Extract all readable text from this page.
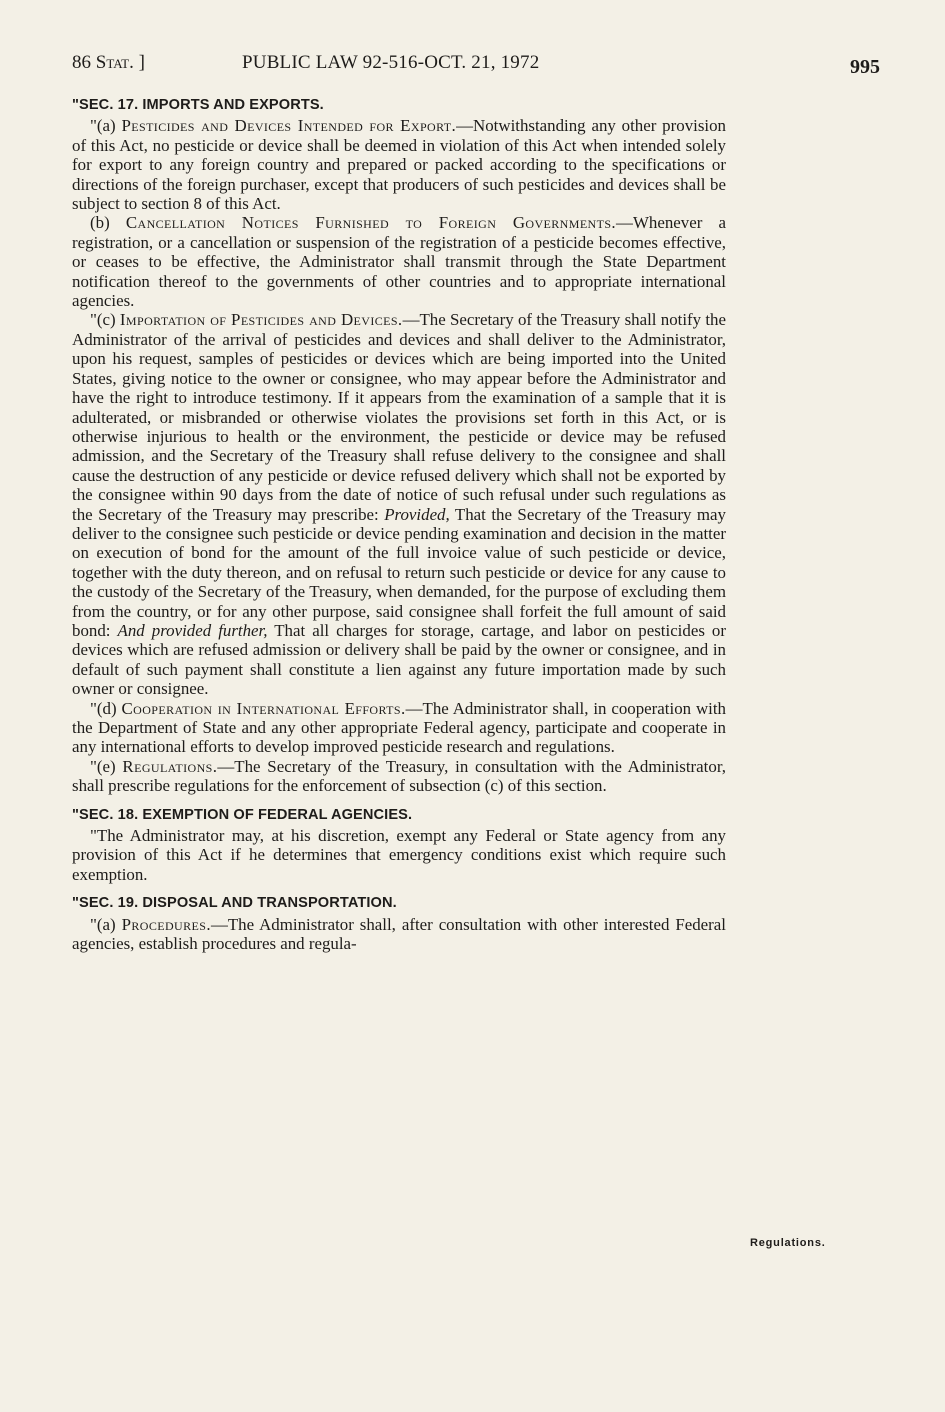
86 Stat. ]	PUBLIC LAW 92-516-OCT. 21, 1972	995
"SEC. 17. IMPORTS AND EXPORTS.

"(a) Pesticides and Devices Intended for Export.—Notwithstanding any other provision of this Act, no pesticide or device shall be deemed in violation of this Act when intended solely for export to any foreign country and prepared or packed according to the specifications or directions of the foreign purchaser, except that producers of such pesticides and devices shall be subject to section 8 of this Act.

(b) Cancellation Notices Furnished to Foreign Governments.—Whenever a registration, or a cancellation or suspension of the registration of a pesticide becomes effective, or ceases to be effective, the Administrator shall transmit through the State Department notification thereof to the governments of other countries and to appropriate international agencies.

"(c) Importation of Pesticides and Devices.—The Secretary of the Treasury shall notify the Administrator of the arrival of pesticides and devices and shall deliver to the Administrator, upon his request, samples of pesticides or devices which are being imported into the United States, giving notice to the owner or consignee, who may appear before the Administrator and have the right to introduce testimony. If it appears from the examination of a sample that it is adulterated, or misbranded or otherwise violates the provisions set forth in this Act, or is otherwise injurious to health or the environment, the pesticide or device may be refused admission, and the Secretary of the Treasury shall refuse delivery to the consignee and shall cause the destruction of any pesticide or device refused delivery which shall not be exported by the consignee within 90 days from the date of notice of such refusal under such regulations as the Secretary of the Treasury may prescribe: Provided, That the Secretary of the Treasury may deliver to the consignee such pesticide or device pending examination and decision in the matter on execution of bond for the amount of the full invoice value of such pesticide or device, together with the duty thereon, and on refusal to return such pesticide or device for any cause to the custody of the Secretary of the Treasury, when demanded, for the purpose of excluding them from the country, or for any other purpose, said consignee shall forfeit the full amount of said bond: And provided further, That all charges for storage, cartage, and labor on pesticides or devices which are refused admission or delivery shall be paid by the owner or consignee, and in default of such payment shall constitute a lien against any future importation made by such owner or consignee.

"(d) Cooperation in International Efforts.—The Administrator shall, in cooperation with the Department of State and any other appropriate Federal agency, participate and cooperate in any international efforts to develop improved pesticide research and regulations.

"(e) Regulations.—The Secretary of the Treasury, in consultation with the Administrator, shall prescribe regulations for the enforcement of subsection (c) of this section.

"SEC. 18. EXEMPTION OF FEDERAL AGENCIES.

"The Administrator may, at his discretion, exempt any Federal or State agency from any provision of this Act if he determines that emergency conditions exist which require such exemption.

"SEC. 19. DISPOSAL AND TRANSPORTATION.

"(a) Procedures.—The Administrator shall, after consultation with other interested Federal agencies, establish procedures and regula-

Regulations.
